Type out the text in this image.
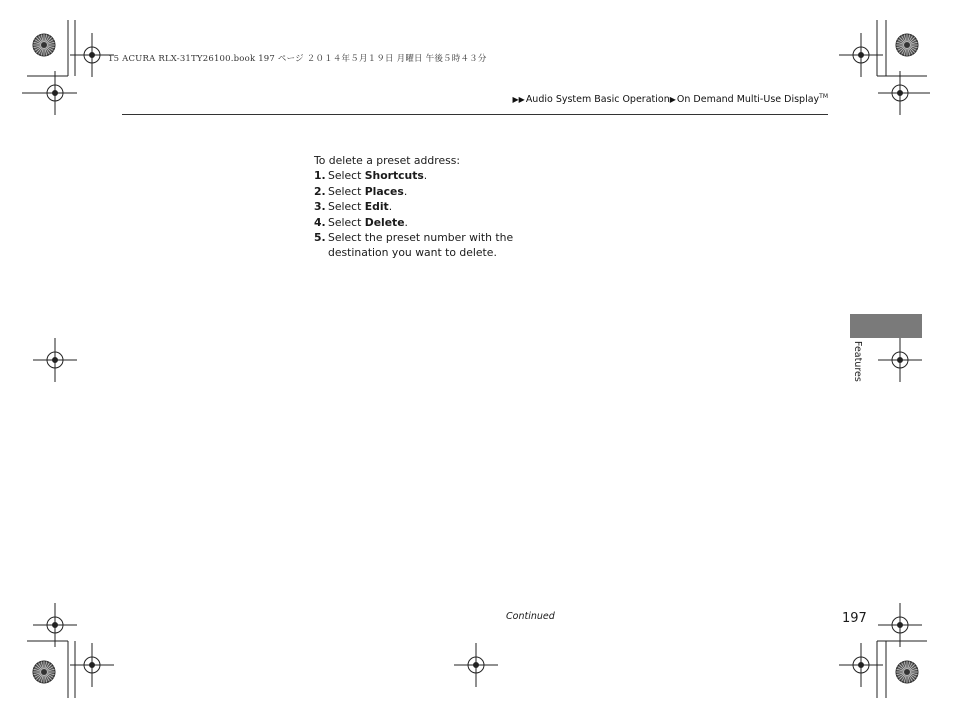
15 ACURA RLX-31TY26100.book 197 ページ ２０１４年５月１９日 月曜日 午後５時４３分
▶▶Audio System Basic Operation▶On Demand Multi-Use Display™
To delete a preset address:
1. Select Shortcuts.
2. Select Places.
3. Select Edit.
4. Select Delete.
5. Select the preset number with the destination you want to delete.
Features
Continued	197
